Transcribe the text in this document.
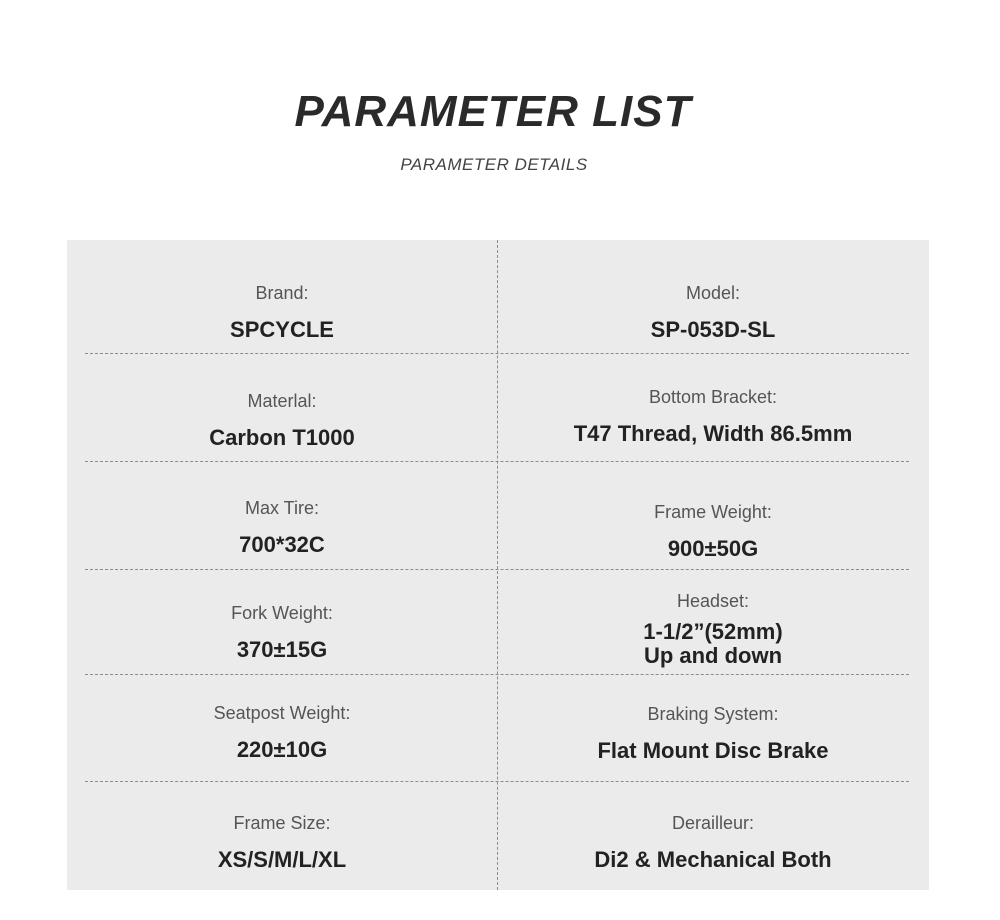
PARAMETER LIST
PARAMETER DETAILS
Brand:
SPCYCLE
Model:
SP-053D-SL
Materlal:
Carbon T1000
Bottom Bracket:
T47 Thread, Width 86.5mm
Max Tire:
700*32C
Frame Weight:
900±50G
Fork Weight:
370±15G
Headset:
1-1/2”(52mm)
Up and down
Seatpost Weight:
220±10G
Braking System:
Flat Mount Disc Brake
Frame Size:
XS/S/M/L/XL
Derailleur:
Di2 & Mechanical Both
